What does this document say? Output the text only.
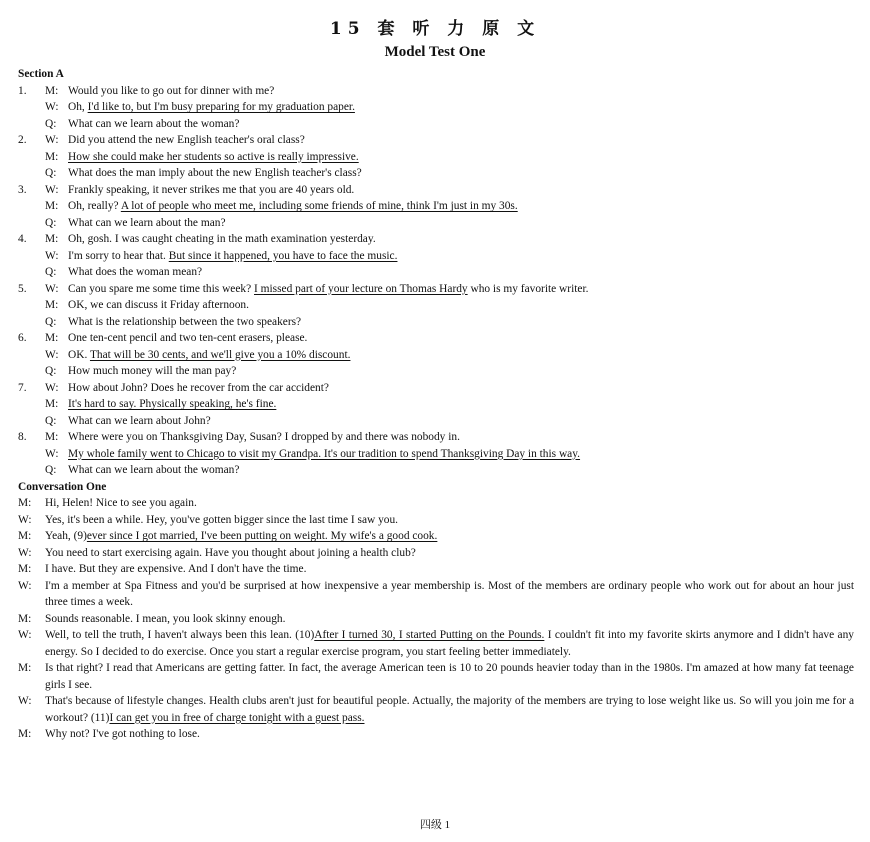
15 套 听 力 原 文
Model Test One
Section A
1.	M: Would you like to go out for dinner with me?
W: Oh, I'd like to, but I'm busy preparing for my graduation paper.
Q: What can we learn about the woman?
2.	W: Did you attend the new English teacher's oral class?
M: How she could make her students so active is really impressive.
Q: What does the man imply about the new English teacher's class?
3.	W: Frankly speaking, it never strikes me that you are 40 years old.
M: Oh, really? A lot of people who meet me, including some friends of mine, think I'm just in my 30s.
Q: What can we learn about the man?
4.	M: Oh, gosh. I was caught cheating in the math examination yesterday.
W: I'm sorry to hear that. But since it happened, you have to face the music.
Q: What does the woman mean?
5.	W: Can you spare me some time this week? I missed part of your lecture on Thomas Hardy who is my favorite writer.
M: OK, we can discuss it Friday afternoon.
Q: What is the relationship between the two speakers?
6.	M: One ten-cent pencil and two ten-cent erasers, please.
W: OK. That will be 30 cents, and we'll give you a 10% discount.
Q: How much money will the man pay?
7.	W: How about John? Does he recover from the car accident?
M: It's hard to say. Physically speaking, he's fine.
Q: What can we learn about John?
8.	M: Where were you on Thanksgiving Day, Susan? I dropped by and there was nobody in.
W: My whole family went to Chicago to visit my Grandpa. It's our tradition to spend Thanksgiving Day in this way.
Q: What can we learn about the woman?
Conversation One
M: Hi, Helen! Nice to see you again.
W: Yes, it's been a while. Hey, you've gotten bigger since the last time I saw you.
M: Yeah, (9)ever since I got married, I've been putting on weight. My wife's a good cook.
W: You need to start exercising again. Have you thought about joining a health club?
M: I have. But they are expensive. And I don't have the time.
W: I'm a member at Spa Fitness and you'd be surprised at how inexpensive a year membership is. Most of the members are ordinary people who work out for about an hour just three times a week.
M: Sounds reasonable. I mean, you look skinny enough.
W: Well, to tell the truth, I haven't always been this lean. (10)After I turned 30, I started Putting on the Pounds. I couldn't fit into my favorite skirts anymore and I didn't have any energy. So I decided to do exercise. Once you start a regular exercise program, you start feeling better immediately.
M: Is that right? I read that Americans are getting fatter. In fact, the average American teen is 10 to 20 pounds heavier today than in the 1980s. I'm amazed at how many fat teenage girls I see.
W: That's because of lifestyle changes. Health clubs aren't just for beautiful people. Actually, the majority of the members are trying to lose weight like us. So will you join me for a workout? (11)I can get you in free of charge tonight with a guest pass.
M: Why not? I've got nothing to lose.
四级 1
